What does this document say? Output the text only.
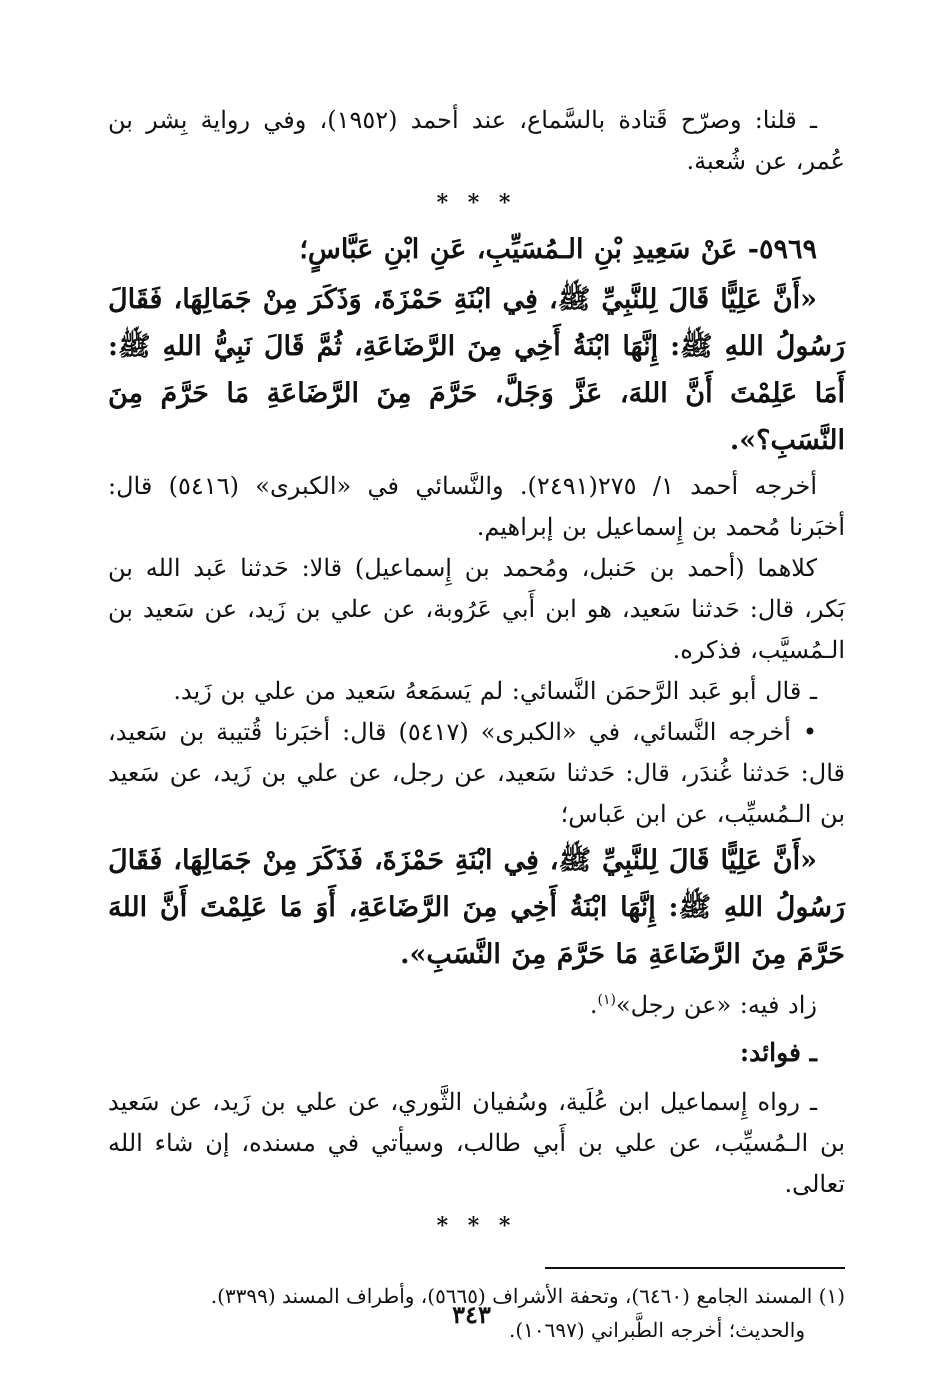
ـ قلنا: وصرّح قَتادة بالسَّماع، عند أحمد (١٩٥٢)، وفي رواية بِشر بن عُمر، عن شُعبة.

* * *

٥٩٦٩- عَنْ سَعِيدِ بْنِ الـمُسَيِّبِ، عَنِ ابْنِ عَبَّاسٍ؛

«أَنَّ عَلِيًّا قَالَ لِلنَّبِيِّ ﷺ، فِي ابْنَةِ حَمْزَةَ، وَذَكَرَ مِنْ جَمَالِهَا، فَقَالَ رَسُولُ اللهِ ﷺ: إِنَّهَا ابْنَةُ أَخِي مِنَ الرَّضَاعَةِ، ثُمَّ قَالَ نَبِيُّ اللهِ ﷺ: أَمَا عَلِمْتَ أَنَّ اللهَ، عَزَّ وَجَلَّ، حَرَّمَ مِنَ الرَّضَاعَةِ مَا حَرَّمَ مِنَ النَّسَبِ؟».

أخرجه أحمد ١/ ٢٧٥(٢٤٩١). والنَّسائي في «الكبرى» (٥٤١٦) قال: أخبَرنا مُحمد بن إِسماعيل بن إبراهيم.

كلاهما (أحمد بن حَنبل، ومُحمد بن إِسماعيل) قالا: حَدثنا عَبد الله بن بَكر، قال: حَدثنا سَعيد، هو ابن أَبي عَرُوبة، عن علي بن زَيد، عن سَعيد بن الـمُسيَّب، فذكره.

ـ قال أبو عَبد الرَّحمَن النَّسائي: لم يَسمَعهُ سَعيد من علي بن زَيد.

• أخرجه النَّسائي، في «الكبرى» (٥٤١٧) قال: أخبَرنا قُتيبة بن سَعيد، قال: حَدثنا غُندَر، قال: حَدثنا سَعيد، عن رجل، عن علي بن زَيد، عن سَعيد بن الـمُسيِّب، عن ابن عَباس؛

«أَنَّ عَلِيًّا قَالَ لِلنَّبِيِّ ﷺ، فِي ابْنَةِ حَمْزَةَ، فَذَكَرَ مِنْ جَمَالِهَا، فَقَالَ رَسُولُ اللهِ ﷺ: إِنَّهَا ابْنَةُ أَخِي مِنَ الرَّضَاعَةِ، أَوَ مَا عَلِمْتَ أَنَّ اللهَ حَرَّمَ مِنَ الرَّضَاعَةِ مَا حَرَّمَ مِنَ النَّسَبِ».

زاد فيه: «عن رجل»$^{(١)}$.

ـ فوائد:

ـ رواه إِسماعيل ابن عُلَية، وسُفيان الثَّوري، عن علي بن زَيد، عن سَعيد بن الـمُسيِّب، عن علي بن أَبي طالب، وسيأتي في مسنده، إن شاء الله تعالى.

* * *

(١) المسند الجامع (٦٤٦٠)، وتحفة الأشراف (٥٦٦٥)، وأطراف المسند (٣٣٩٩).

والحديث؛ أخرجه الطَّبراني (١٠٦٩٧).

٣٤٣
